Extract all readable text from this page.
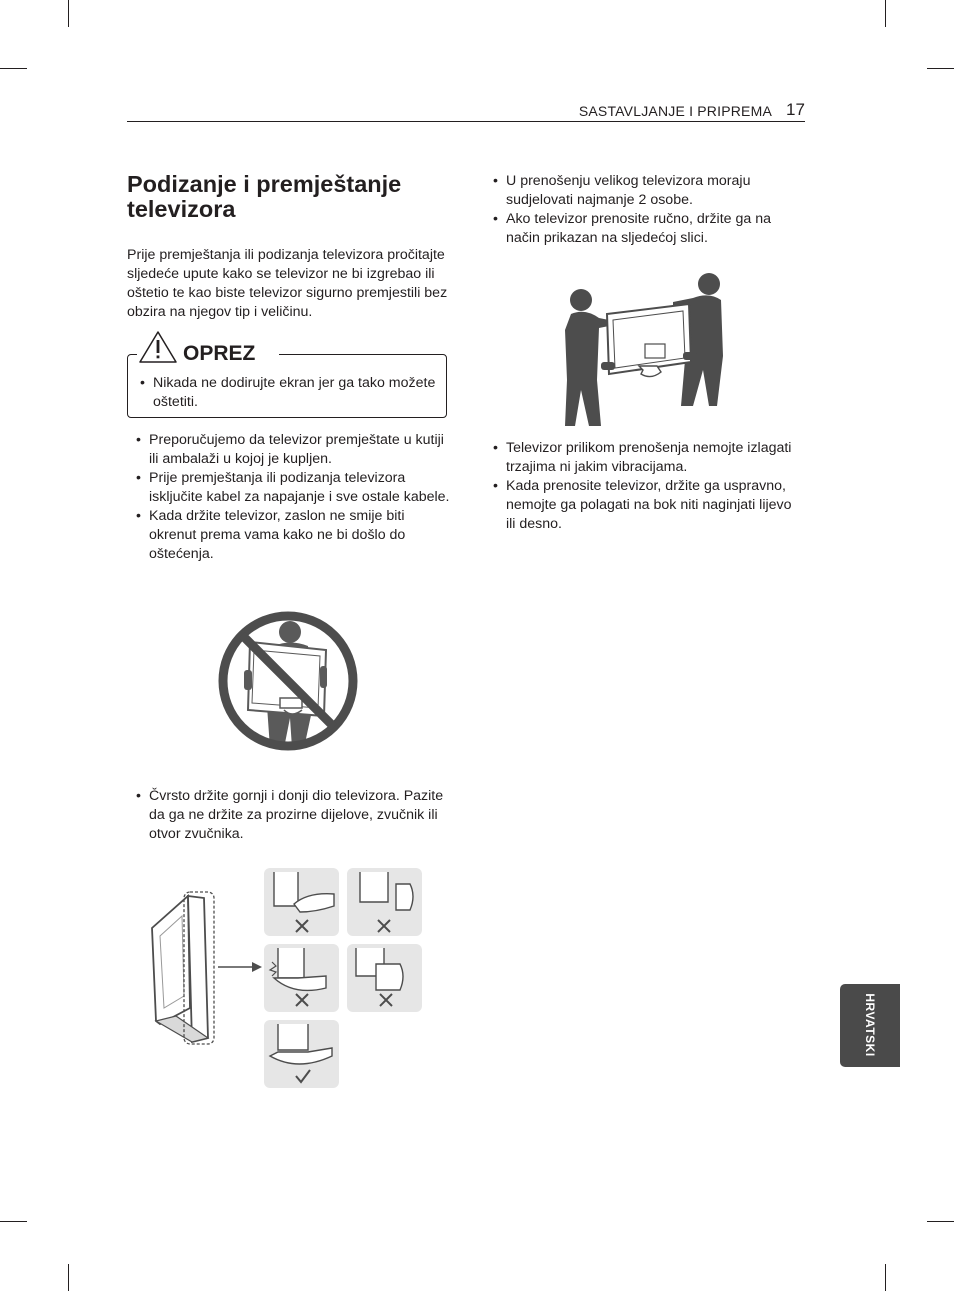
SASTAVLJANJE I PRIPREMA 17
Podizanje i premještanje televizora

Prije premještanja ili podizanja televizora pročitajte sljedeće upute kako se televizor ne bi izgrebao ili oštetio te kao biste televizor sigurno premjestili bez obzira na njegov tip i veličinu.

OPREZ
• Nikada ne dodirujte ekran jer ga tako možete oštetiti.
• Preporučujemo da televizor premještate u kutiji ili ambalaži u kojoj je kupljen.
• Prije premještanja ili podizanja televizora isključite kabel za napajanje i sve ostale kabele.
• Kada držite televizor, zaslon ne smije biti okrenut prema vama kako ne bi došlo do oštećenja.
• Čvrsto držite gornji i donji dio televizora. Pazite da ga ne držite za prozirne dijelove, zvučnik ili otvor zvučnika.
• U prenošenju velikog televizora moraju sudjelovati najmanje 2 osobe.
• Ako televizor prenosite ručno, držite ga na način prikazan na sljedećoj slici.
• Televizor prilikom prenošenja nemojte izlagati trzajima ni jakim vibracijama.
• Kada prenosite televizor, držite ga uspravno, nemojte ga polagati na bok niti naginjati lijevo ili desno.
HRVATSKI
